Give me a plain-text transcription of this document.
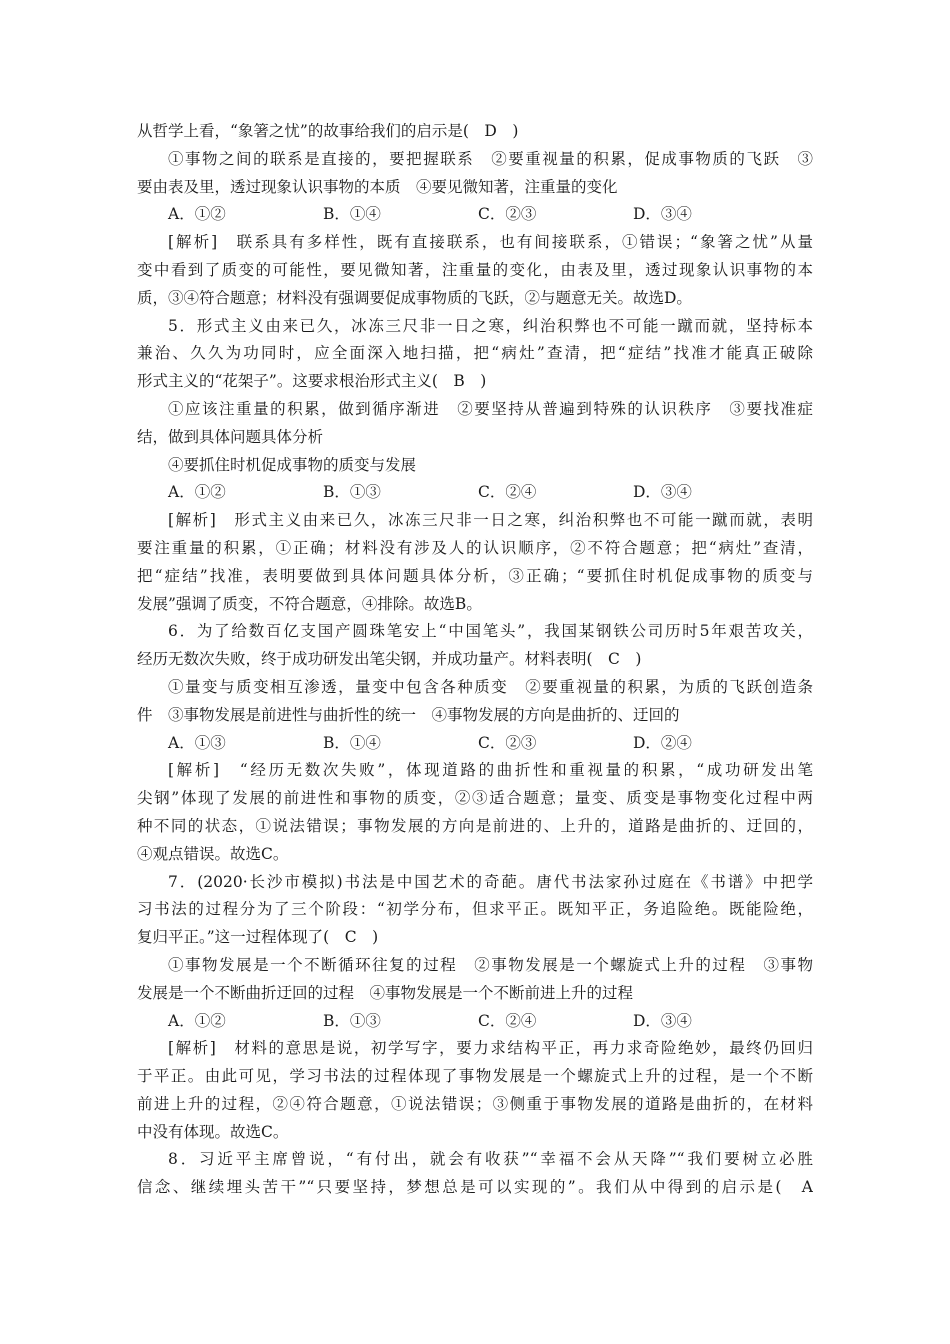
从哲学上看，“象箸之忧”的故事给我们的启示是(　D　)
①事物之间的联系是直接的，要把握联系　②要重视量的积累，促成事物质的飞跃　③
要由表及里，透过现象认识事物的本质　④要见微知著，注重量的变化
A．①②	B．①④	C．②③	D．③④
[解析]　联系具有多样性，既有直接联系，也有间接联系，①错误；“象箸之忧”从量
变中看到了质变的可能性，要见微知著，注重量的变化，由表及里，透过现象认识事物的本
质，③④符合题意；材料没有强调要促成事物质的飞跃，②与题意无关。故选D。
5．形式主义由来已久，冰冻三尺非一日之寒，纠治积弊也不可能一蹴而就，坚持标本
兼治、久久为功同时，应全面深入地扫描，把“病灶”查清，把“症结”找准才能真正破除
形式主义的“花架子”。这要求根治形式主义(　B　)
①应该注重量的积累，做到循序渐进　②要坚持从普遍到特殊的认识秩序　③要找准症
结，做到具体问题具体分析
④要抓住时机促成事物的质变与发展
A．①②	B．①③	C．②④	D．③④
[解析]　形式主义由来已久，冰冻三尺非一日之寒，纠治积弊也不可能一蹴而就，表明
要注重量的积累，①正确；材料没有涉及人的认识顺序，②不符合题意；把“病灶”查清，
把“症结”找准，表明要做到具体问题具体分析，③正确；“要抓住时机促成事物的质变与
发展”强调了质变，不符合题意，④排除。故选B。
6．为了给数百亿支国产圆珠笔安上“中国笔头”，我国某钢铁公司历时5年艰苦攻关，
经历无数次失败，终于成功研发出笔尖钢，并成功量产。材料表明(　C　)
①量变与质变相互渗透，量变中包含各种质变　②要重视量的积累，为质的飞跃创造条
件　③事物发展是前进性与曲折性的统一　④事物发展的方向是曲折的、迂回的
A．①③	B．①④	C．②③	D．②④
[解析]　“经历无数次失败”，体现道路的曲折性和重视量的积累，“成功研发出笔
尖钢”体现了发展的前进性和事物的质变，②③适合题意；量变、质变是事物变化过程中两
种不同的状态，①说法错误；事物发展的方向是前进的、上升的，道路是曲折的、迂回的，
④观点错误。故选C。
7．(2020·长沙市模拟)书法是中国艺术的奇葩。唐代书法家孙过庭在《书谱》中把学
习书法的过程分为了三个阶段：“初学分布，但求平正。既知平正，务追险绝。既能险绝，
复归平正。”这一过程体现了(　C　)
①事物发展是一个不断循环往复的过程　②事物发展是一个螺旋式上升的过程　③事物
发展是一个不断曲折迂回的过程　④事物发展是一个不断前进上升的过程
A．①②	B．①③	C．②④	D．③④
[解析]　材料的意思是说，初学写字，要力求结构平正，再力求奇险绝妙，最终仍回归
于平正。由此可见，学习书法的过程体现了事物发展是一个螺旋式上升的过程，是一个不断
前进上升的过程，②④符合题意，①说法错误；③侧重于事物发展的道路是曲折的，在材料
中没有体现。故选C。
8．习近平主席曾说，“有付出，就会有收获”“幸福不会从天降”“我们要树立必胜
信念、继续埋头苦干”“只要坚持，梦想总是可以实现的”。我们从中得到的启示是(　A
